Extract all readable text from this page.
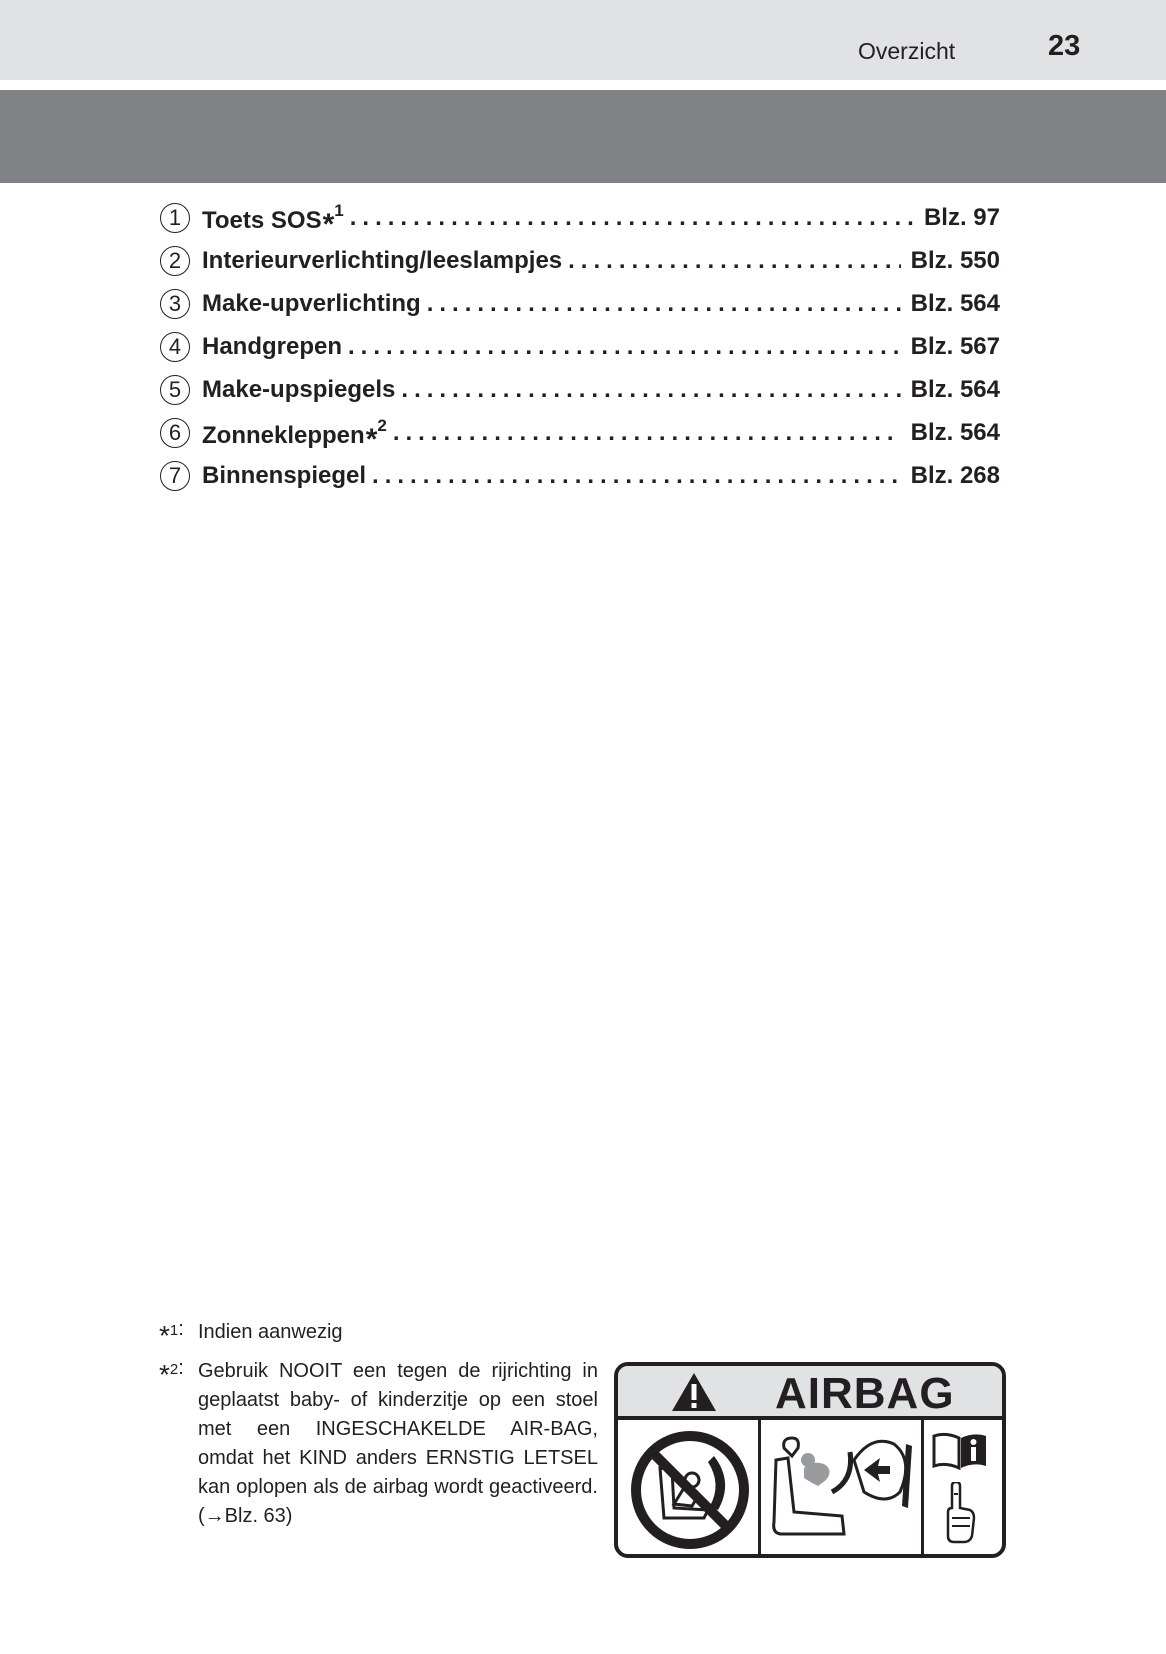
Overzicht	23
1 Toets SOS*$^1$ .....	Blz. 97
2 Interieurverlichting/leeslampjes .....	Blz. 550
3 Make-upverlichting .....	Blz. 564
4 Handgrepen .....	Blz. 567
5 Make-upspiegels .....	Blz. 564
6 Zonnekleppen*$^2$ .....	Blz. 564
7 Binnenspiegel .....	Blz. 268
*1: Indien aanwezig
*2: Gebruik NOOIT een tegen de rijrichting in geplaatst baby- of kinderzitje op een stoel met een INGESCHAKELDE AIR-BAG, omdat het KIND anders ERNSTIG LETSEL kan oplopen als de airbag wordt geactiveerd. (→Blz. 63)
AIRBAG
